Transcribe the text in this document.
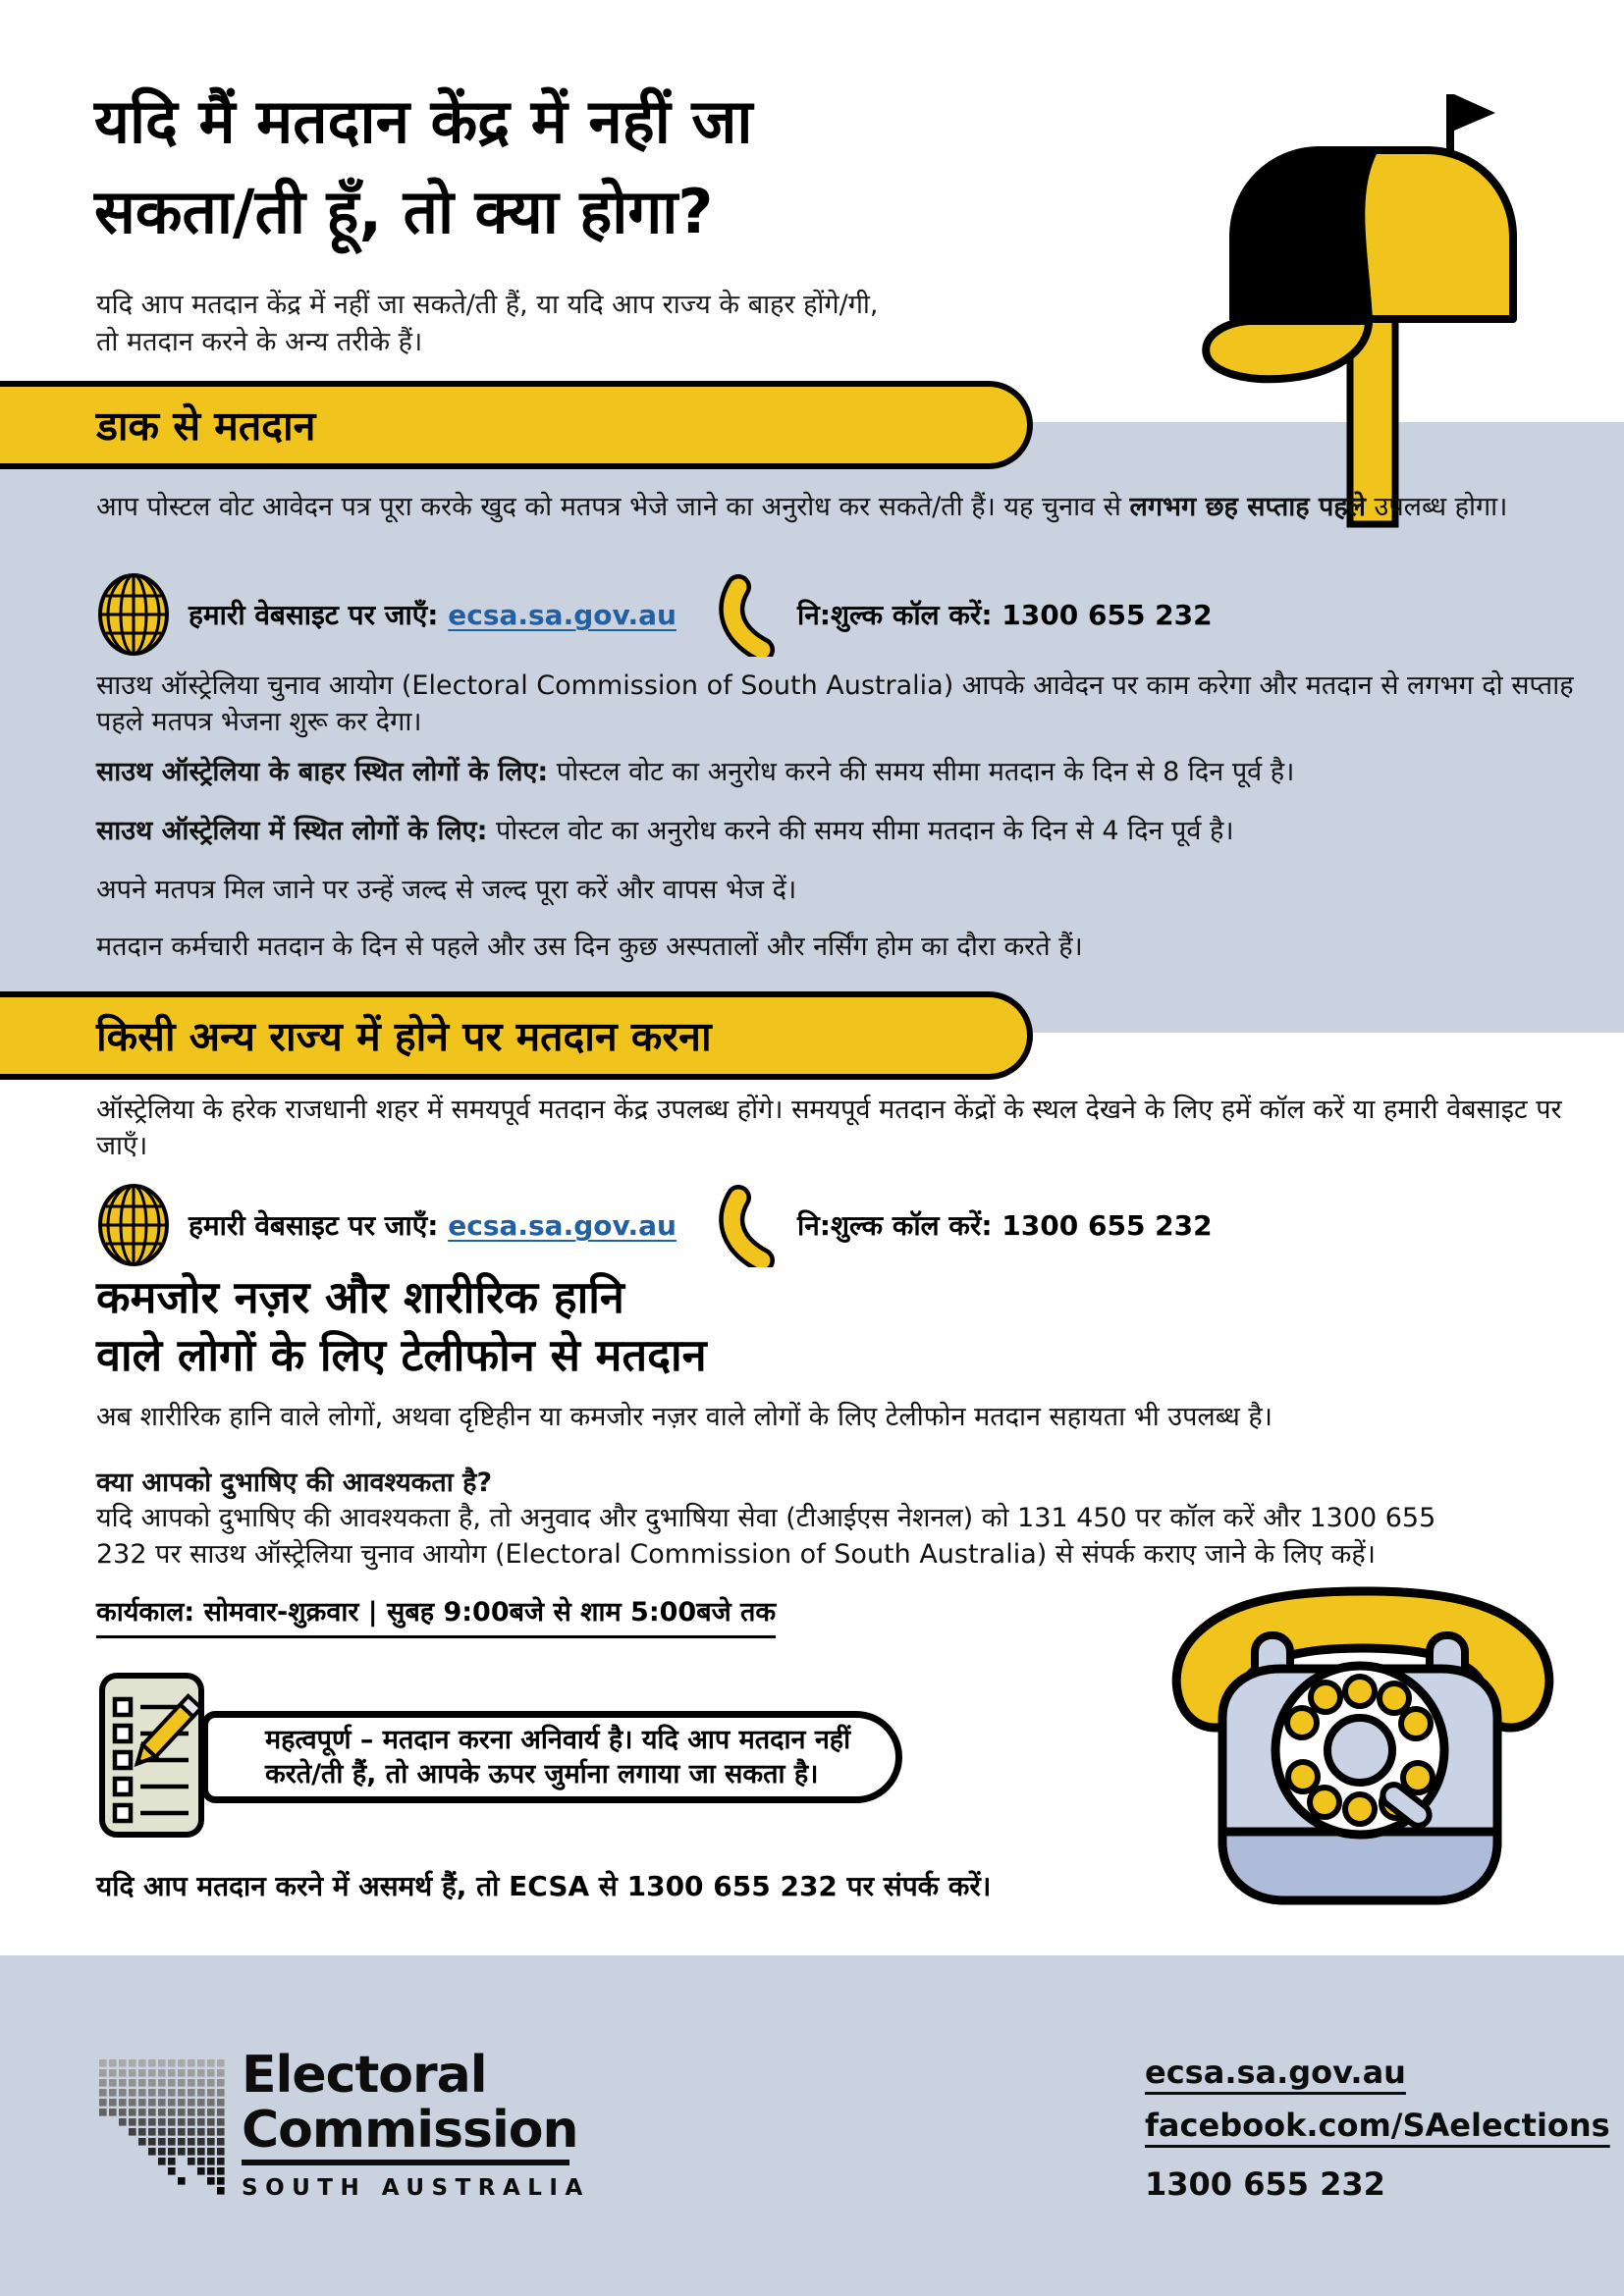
यदि मैं मतदान केंद्र में नहीं जा
सकता/ती हूँ, तो क्या होगा?
यदि आप मतदान केंद्र में नहीं जा सकते/ती हैं, या यदि आप राज्य के बाहर होंगे/गी,
तो मतदान करने के अन्य तरीके हैं।
डाक से मतदान
आप पोस्टल वोट आवेदन पत्र पूरा करके खुद को मतपत्र भेजे जाने का अनुरोध कर सकते/ती हैं। यह चुनाव से लगभग छह सप्ताह पहले उपलब्ध होगा।
हमारी वेबसाइट पर जाएँ: ecsa.sa.gov.au	नि:शुल्क कॉल करें: 1300 655 232
साउथ ऑस्ट्रेलिया चुनाव आयोग (Electoral Commission of South Australia) आपके आवेदन पर काम करेगा और मतदान से लगभग दो सप्ताह पहले मतपत्र भेजना शुरू कर देगा।
साउथ ऑस्ट्रेलिया के बाहर स्थित लोगों के लिए: पोस्टल वोट का अनुरोध करने की समय सीमा मतदान के दिन से 8 दिन पूर्व है।
साउथ ऑस्ट्रेलिया में स्थित लोगों के लिए: पोस्टल वोट का अनुरोध करने की समय सीमा मतदान के दिन से 4 दिन पूर्व है।
अपने मतपत्र मिल जाने पर उन्हें जल्द से जल्द पूरा करें और वापस भेज दें।
मतदान कर्मचारी मतदान के दिन से पहले और उस दिन कुछ अस्पतालों और नर्सिंग होम का दौरा करते हैं।
किसी अन्य राज्य में होने पर मतदान करना
ऑस्ट्रेलिया के हरेक राजधानी शहर में समयपूर्व मतदान केंद्र उपलब्ध होंगे। समयपूर्व मतदान केंद्रों के स्थल देखने के लिए हमें कॉल करें या हमारी वेबसाइट पर जाएँ।
हमारी वेबसाइट पर जाएँ: ecsa.sa.gov.au	नि:शुल्क कॉल करें: 1300 655 232
कमजोर नज़र और शारीरिक हानि
वाले लोगों के लिए टेलीफोन से मतदान
अब शारीरिक हानि वाले लोगों, अथवा दृष्टिहीन या कमजोर नज़र वाले लोगों के लिए टेलीफोन मतदान सहायता भी उपलब्ध है।
क्या आपको दुभाषिए की आवश्यकता है?
यदि आपको दुभाषिए की आवश्यकता है, तो अनुवाद और दुभाषिया सेवा (टीआईएस नेशनल) को 131 450 पर कॉल करें और 1300 655 232 पर साउथ ऑस्ट्रेलिया चुनाव आयोग (Electoral Commission of South Australia) से संपर्क कराए जाने के लिए कहें।
कार्यकाल: सोमवार-शुक्रवार | सुबह 9:00बजे से शाम 5:00बजे तक
महत्वपूर्ण – मतदान करना अनिवार्य है। यदि आप मतदान नहीं करते/ती हैं, तो आपके ऊपर जुर्माना लगाया जा सकता है।
यदि आप मतदान करने में असमर्थ हैं, तो ECSA से 1300 655 232 पर संपर्क करें।
Electoral
Commission
SOUTH AUSTRALIA
ecsa.sa.gov.au
facebook.com/SAelections
1300 655 232
